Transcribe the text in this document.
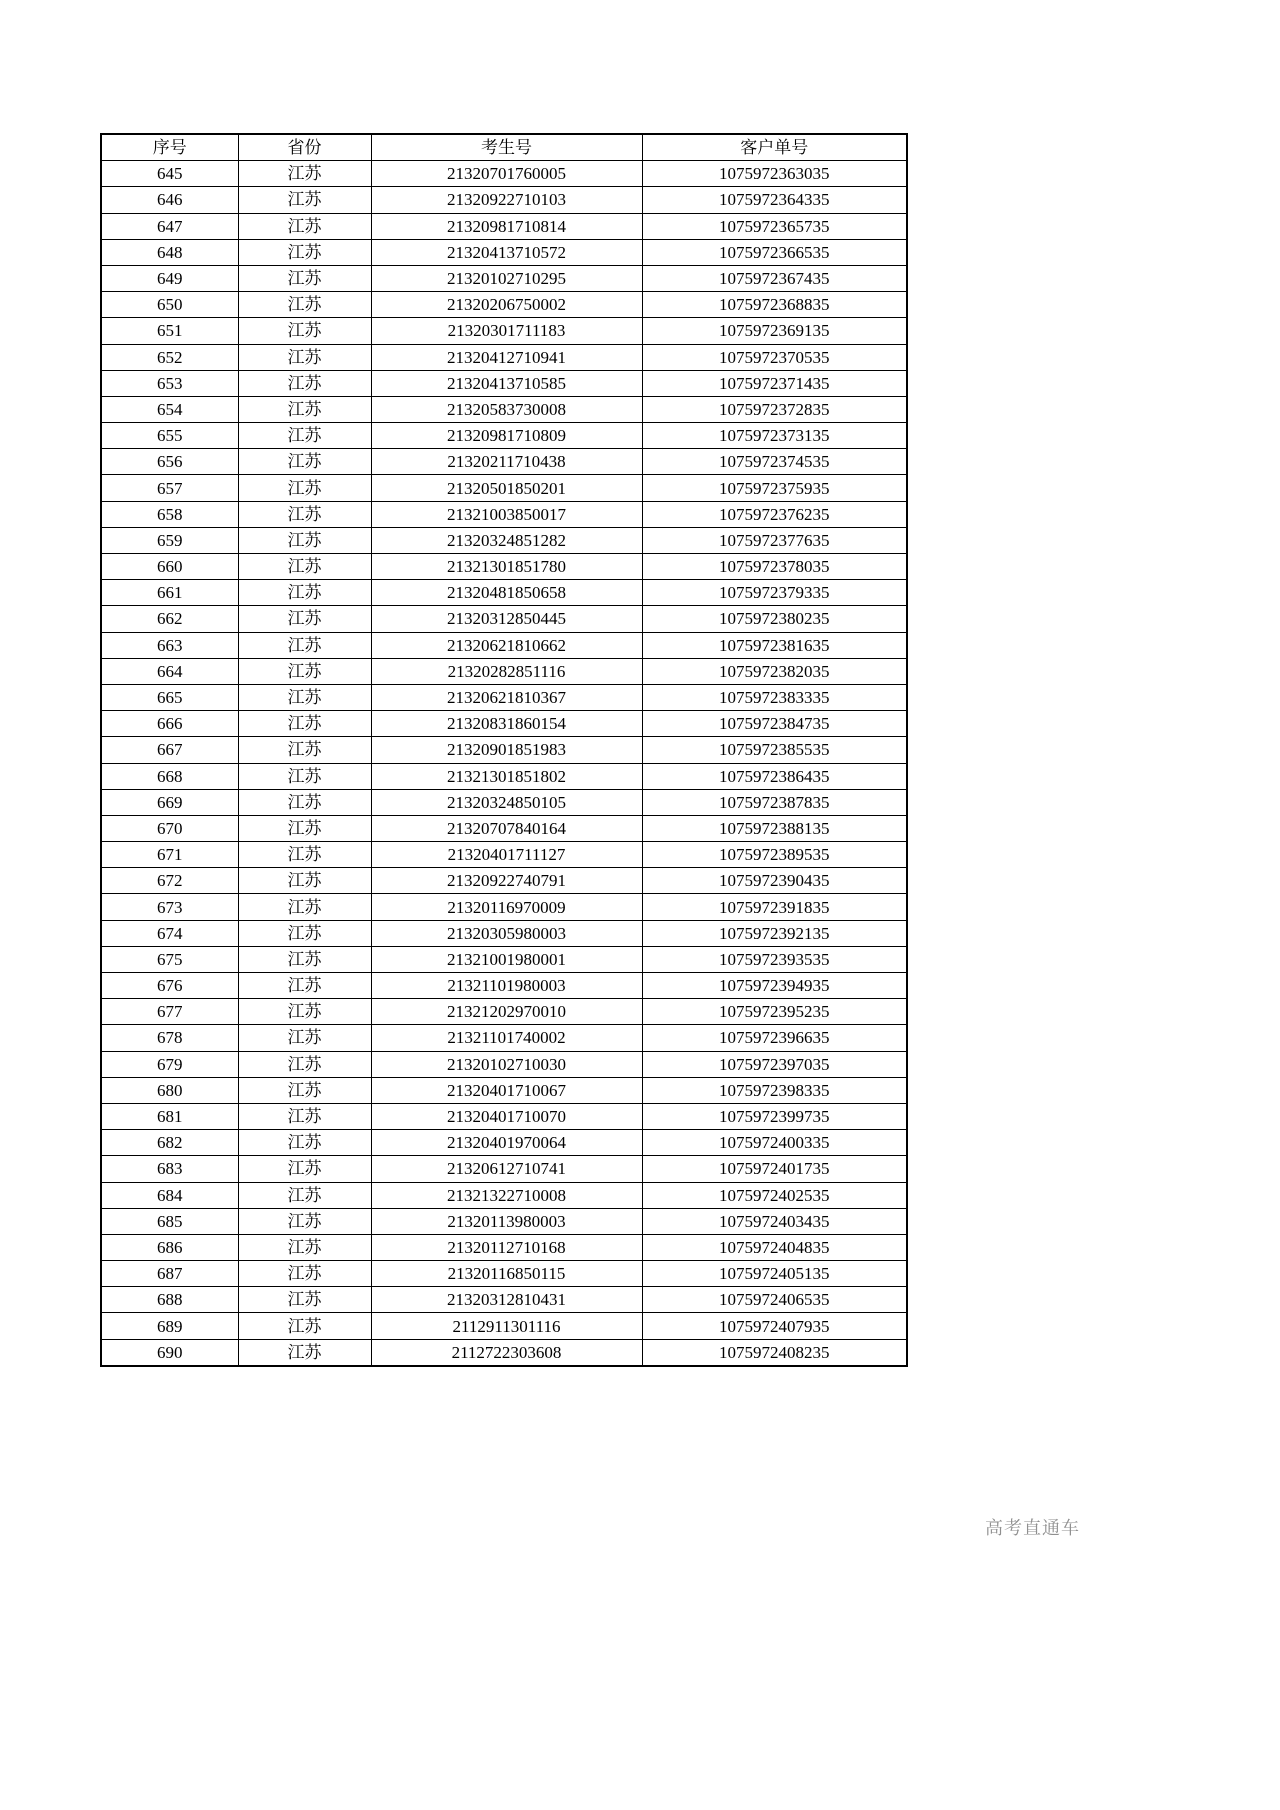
序号	省份	考生号	客户单号
645	江苏	21320701760005	1075972363035
646	江苏	21320922710103	1075972364335
647	江苏	21320981710814	1075972365735
648	江苏	21320413710572	1075972366535
649	江苏	21320102710295	1075972367435
650	江苏	21320206750002	1075972368835
651	江苏	21320301711183	1075972369135
652	江苏	21320412710941	1075972370535
653	江苏	21320413710585	1075972371435
654	江苏	21320583730008	1075972372835
655	江苏	21320981710809	1075972373135
656	江苏	21320211710438	1075972374535
657	江苏	21320501850201	1075972375935
658	江苏	21321003850017	1075972376235
659	江苏	21320324851282	1075972377635
660	江苏	21321301851780	1075972378035
661	江苏	21320481850658	1075972379335
662	江苏	21320312850445	1075972380235
663	江苏	21320621810662	1075972381635
664	江苏	21320282851116	1075972382035
665	江苏	21320621810367	1075972383335
666	江苏	21320831860154	1075972384735
667	江苏	21320901851983	1075972385535
668	江苏	21321301851802	1075972386435
669	江苏	21320324850105	1075972387835
670	江苏	21320707840164	1075972388135
671	江苏	21320401711127	1075972389535
672	江苏	21320922740791	1075972390435
673	江苏	21320116970009	1075972391835
674	江苏	21320305980003	1075972392135
675	江苏	21321001980001	1075972393535
676	江苏	21321101980003	1075972394935
677	江苏	21321202970010	1075972395235
678	江苏	21321101740002	1075972396635
679	江苏	21320102710030	1075972397035
680	江苏	21320401710067	1075972398335
681	江苏	21320401710070	1075972399735
682	江苏	21320401970064	1075972400335
683	江苏	21320612710741	1075972401735
684	江苏	21321322710008	1075972402535
685	江苏	21320113980003	1075972403435
686	江苏	21320112710168	1075972404835
687	江苏	21320116850115	1075972405135
688	江苏	21320312810431	1075972406535
689	江苏	2112911301116	1075972407935
690	江苏	2112722303608	1075972408235
高考直通车
